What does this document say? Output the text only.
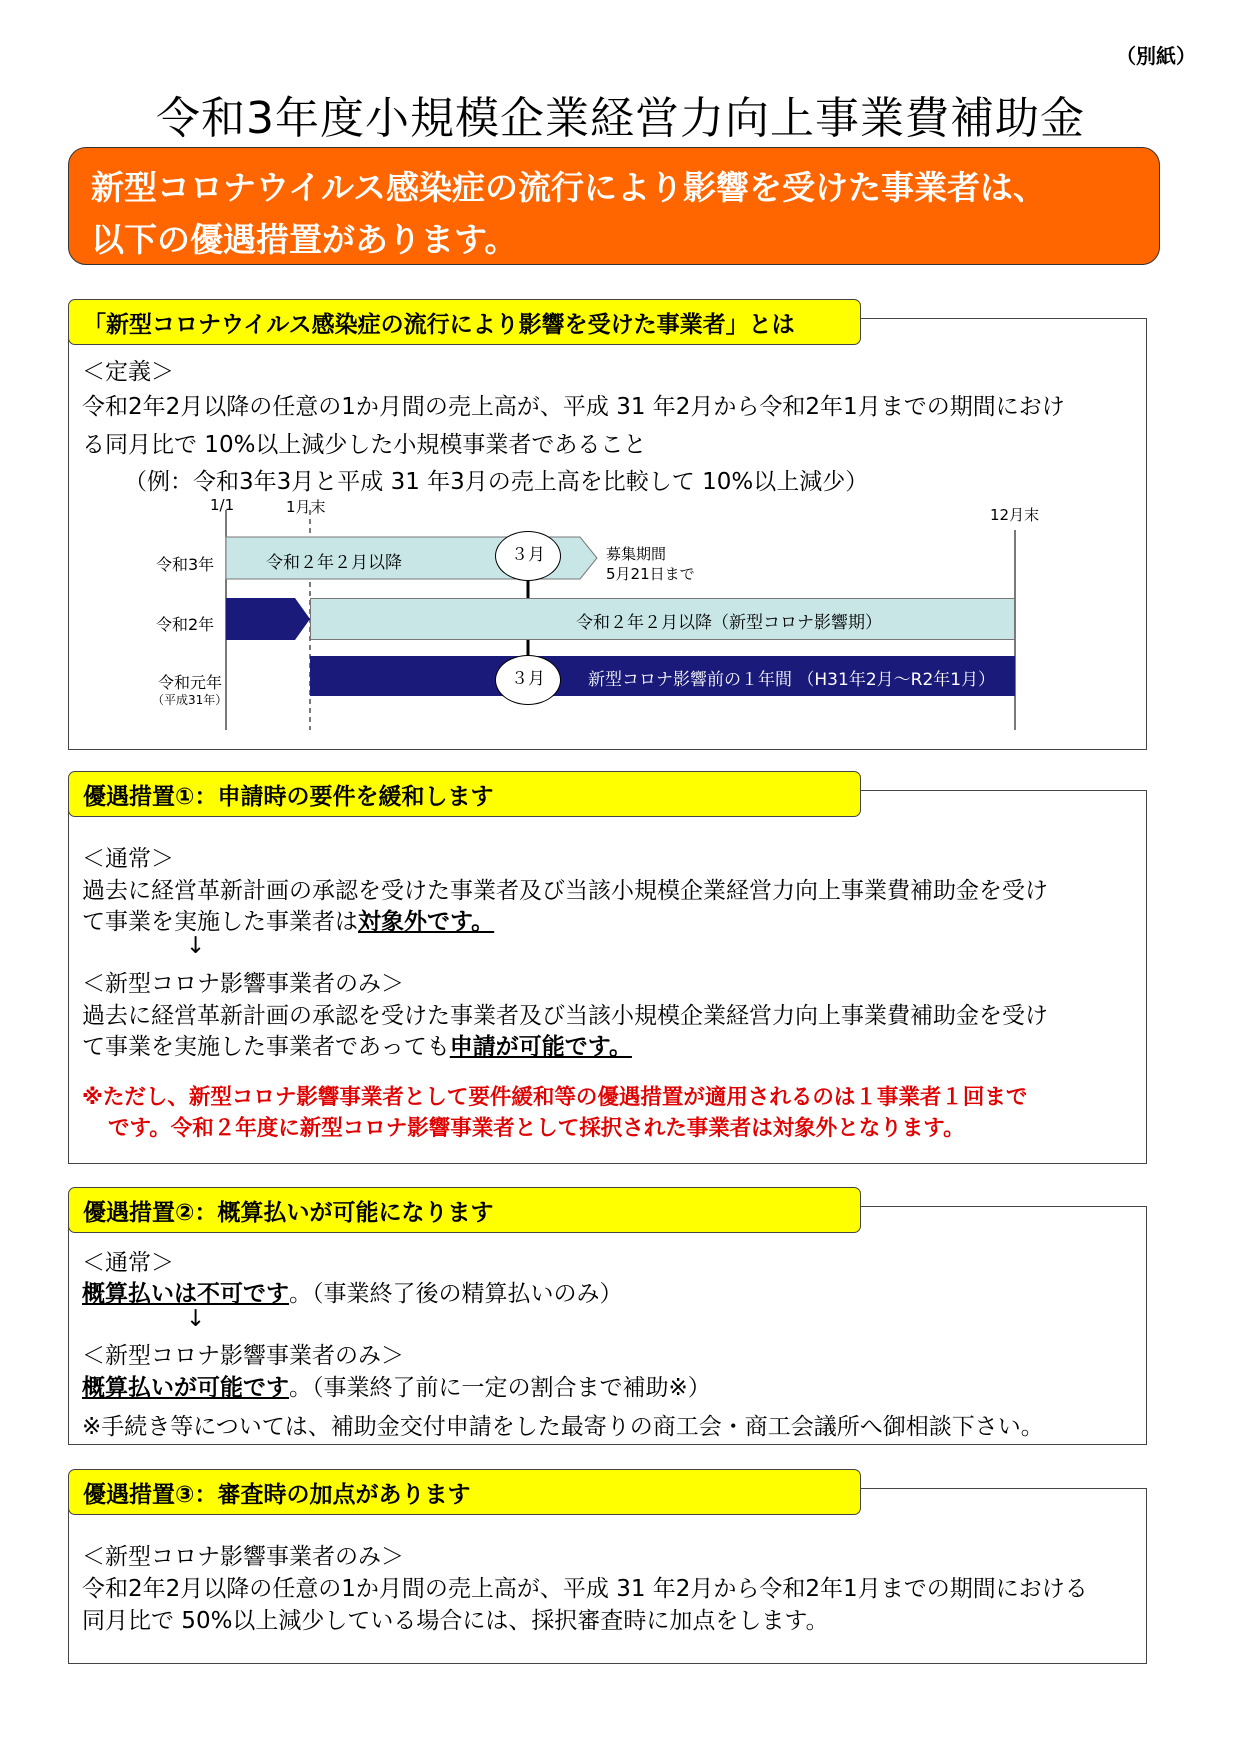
（別紙）
令和3年度小規模企業経営力向上事業費補助金
新型コロナウイルス感染症の流行により影響を受けた事業者は、
以下の優遇措置があります。
「新型コロナウイルス感染症の流行により影響を受けた事業者」とは
＜定義＞
令和2年2月以降の任意の1か月間の売上高が、平成 31 年2月から令和2年1月までの期間におけ
る同月比で 10%以上減少した小規模事業者であること
（例：令和3年3月と平成 31 年3月の売上高を比較して 10%以上減少）
1/1	1月末	12月末
令和3年
令和2年
令和元年
（平成31年）
令和２年２月以降	募集期間
5月21日まで
令和２年２月以降（新型コロナ影響期）
新型コロナ影響前の１年間 （H31年2月～R2年1月）
３月
３月
優遇措置①：申請時の要件を緩和します
＜通常＞
過去に経営革新計画の承認を受けた事業者及び当該小規模企業経営力向上事業費補助金を受け
て事業を実施した事業者は対象外です。
↓
＜新型コロナ影響事業者のみ＞
過去に経営革新計画の承認を受けた事業者及び当該小規模企業経営力向上事業費補助金を受け
て事業を実施した事業者であっても申請が可能です。
※ただし、新型コロナ影響事業者として要件緩和等の優遇措置が適用されるのは１事業者１回まで
です。令和２年度に新型コロナ影響事業者として採択された事業者は対象外となります。
優遇措置②：概算払いが可能になります
＜通常＞
概算払いは不可です。（事業終了後の精算払いのみ）
↓
＜新型コロナ影響事業者のみ＞
概算払いが可能です。（事業終了前に一定の割合まで補助※）
※手続き等については、補助金交付申請をした最寄りの商工会・商工会議所へ御相談下さい。
優遇措置③：審査時の加点があります
＜新型コロナ影響事業者のみ＞
令和2年2月以降の任意の1か月間の売上高が、平成 31 年2月から令和2年1月までの期間における
同月比で 50%以上減少している場合には、採択審査時に加点をします。
